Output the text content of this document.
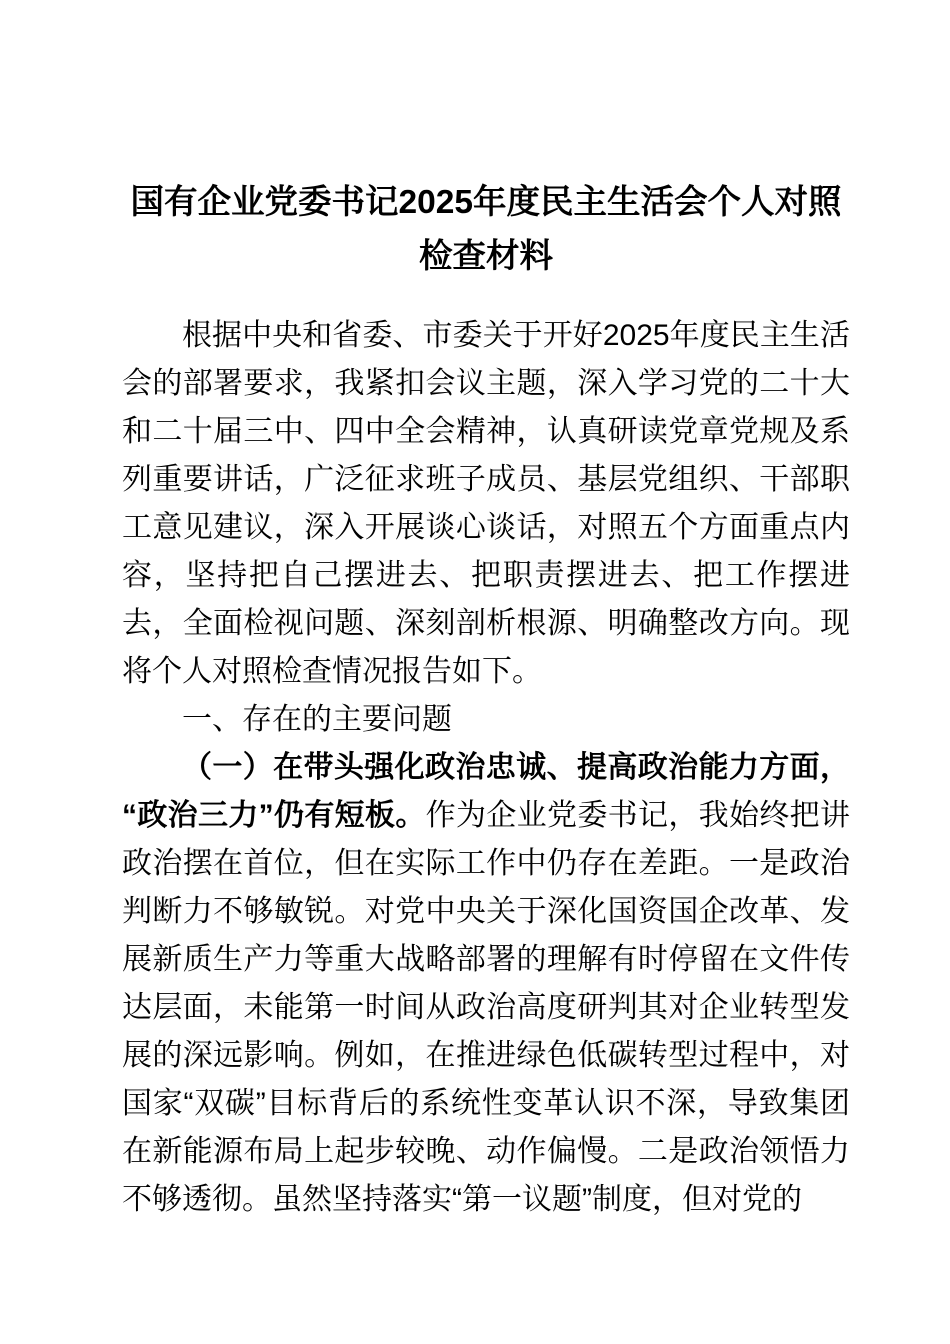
国有企业党委书记2025年度民主生活会个人对照检查材料

根据中央和省委、市委关于开好2025年度民主生活会的部署要求，我紧扣会议主题，深入学习党的二十大和二十届三中、四中全会精神，认真研读党章党规及系列重要讲话，广泛征求班子成员、基层党组织、干部职工意见建议，深入开展谈心谈话，对照五个方面重点内容，坚持把自己摆进去、把职责摆进去、把工作摆进去，全面检视问题、深刻剖析根源、明确整改方向。现将个人对照检查情况报告如下。

一、存在的主要问题

（一）在带头强化政治忠诚、提高政治能力方面，“政治三力”仍有短板。作为企业党委书记，我始终把讲政治摆在首位，但在实际工作中仍存在差距。一是政治判断力不够敏锐。对党中央关于深化国资国企改革、发展新质生产力等重大战略部署的理解有时停留在文件传达层面，未能第一时间从政治高度研判其对企业转型发展的深远影响。例如，在推进绿色低碳转型过程中，对国家“双碳”目标背后的系统性变革认识不深，导致集团在新能源布局上起步较晚、动作偏慢。二是政治领悟力不够透彻。虽然坚持落实“第一议题”制度，但对党的
